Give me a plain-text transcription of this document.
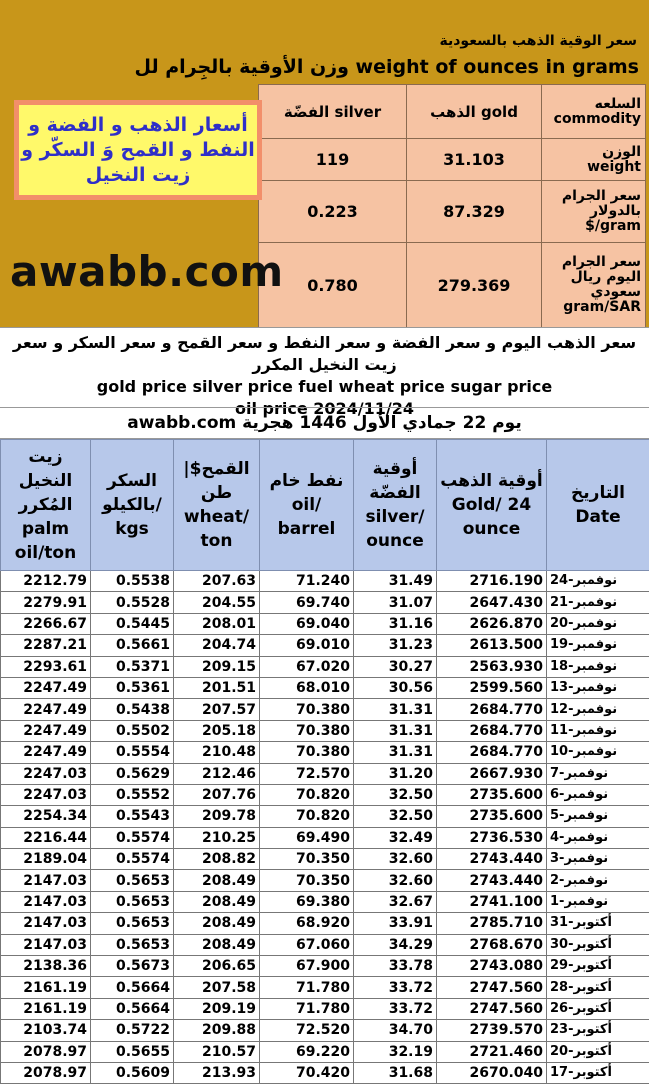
سعر الوقية الذهب بالسعودية
وزن الأوقية بالجِرام لل weight of ounces in grams
الفضّة silver	الذهب gold	السلعه commodity
119	31.103	الوزن weight
0.223	87.329	سعر الجرام بالدولار gram/$
0.780	279.369	سعر الجرام اليوم ريال سعودي gram/SAR
أسعار الذهب و الفضة و النفط و القمح وَ السكّر و زيت النخيل
awabb.com
سعر الذهب اليوم و سعر الفضة و سعر النفط و سعر القمح و سعر السكر و سعر زيت النخيل المكرر
gold price silver price fuel wheat price sugar price
oil price 2024/11/24
awabb.com يوم 22 جمادي الأول 1446 هجرية
زيت النخيل المُكرر palm oil/ton	السكر بالكيلو/ kgs	القمح$| طن wheat/ ton	نفط خام oil/ barrel	أوقية الفضّة silver/ ounce	أوقية الذهب Gold/ 24 ounce	التاريخ Date
2212.79	0.5538	207.63	71.240	31.49	2716.190	24-نوفمبر
2279.91	0.5528	204.55	69.740	31.07	2647.430	21-نوفمبر
2266.67	0.5445	208.01	69.040	31.16	2626.870	20-نوفمبر
2287.21	0.5661	204.74	69.010	31.23	2613.500	19-نوفمبر
2293.61	0.5371	209.15	67.020	30.27	2563.930	18-نوفمبر
2247.49	0.5361	201.51	68.010	30.56	2599.560	13-نوفمبر
2247.49	0.5438	207.57	70.380	31.31	2684.770	12-نوفمبر
2247.49	0.5502	205.18	70.380	31.31	2684.770	11-نوفمبر
2247.49	0.5554	210.48	70.380	31.31	2684.770	10-نوفمبر
2247.03	0.5629	212.46	72.570	31.20	2667.930	7-نوفمبر
2247.03	0.5552	207.76	70.820	32.50	2735.600	6-نوفمبر
2254.34	0.5543	209.78	70.820	32.50	2735.600	5-نوفمبر
2216.44	0.5574	210.25	69.490	32.49	2736.530	4-نوفمبر
2189.04	0.5574	208.82	70.350	32.60	2743.440	3-نوفمبر
2147.03	0.5653	208.49	70.350	32.60	2743.440	2-نوفمبر
2147.03	0.5653	208.49	69.380	32.67	2741.100	1-نوفمبر
2147.03	0.5653	208.49	68.920	33.91	2785.710	31-أكتوبر
2147.03	0.5653	208.49	67.060	34.29	2768.670	30-أكتوبر
2138.36	0.5673	206.65	67.900	33.78	2743.080	29-أكتوبر
2161.19	0.5664	207.58	71.780	33.72	2747.560	28-أكتوبر
2161.19	0.5664	209.19	71.780	33.72	2747.560	26-أكتوبر
2103.74	0.5722	209.88	72.520	34.70	2739.570	23-أكتوبر
2078.97	0.5655	210.57	69.220	32.19	2721.460	20-أكتوبر
2078.97	0.5609	213.93	70.420	31.68	2670.040	17-أكتوبر
